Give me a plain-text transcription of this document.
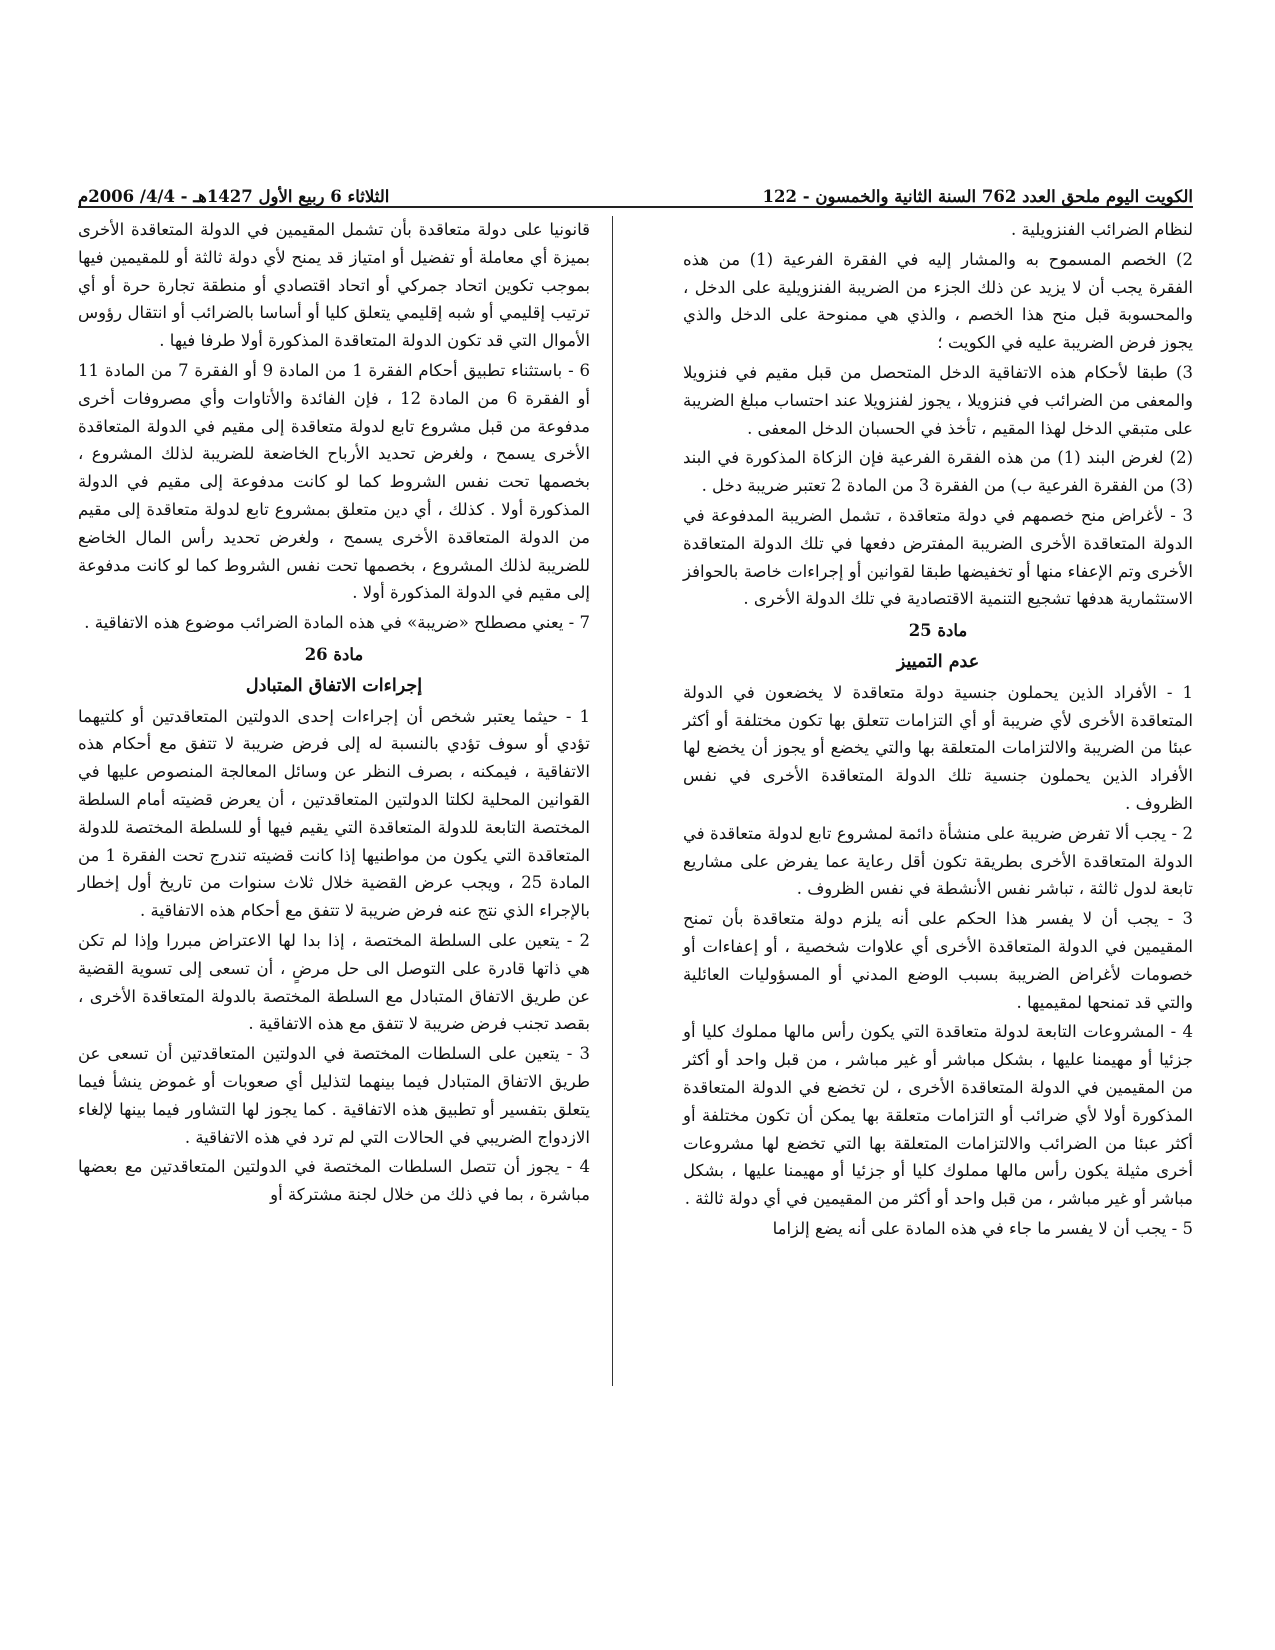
الكويت اليوم ملحق العدد 762 السنة الثانية والخمسون - 122
الثلاثاء 6 ربيع الأول 1427هـ - 4/4/ 2006م

لنظام الضرائب الفنزويلية .

2) الخصم المسموح به والمشار إليه في الفقرة الفرعية (1) من هذه الفقرة يجب أن لا يزيد عن ذلك الجزء من الضريبة الفنزويلية على الدخل ، والمحسوبة قبل منح هذا الخصم ، والذي هي ممنوحة على الدخل والذي يجوز فرض الضريبة عليه في الكويت ؛

3) طبقا لأحكام هذه الاتفاقية الدخل المتحصل من قبل مقيم في فنزويلا والمعفى من الضرائب في فنزويلا ، يجوز لفنزويلا عند احتساب مبلغ الضريبة على متبقي الدخل لهذا المقيم ، تأخذ في الحسبان الدخل المعفى .

(2) لغرض البند (1) من هذه الفقرة الفرعية فإن الزكاة المذكورة في البند (3) من الفقرة الفرعية ب) من الفقرة 3 من المادة 2 تعتبر ضريبة دخل .

3 - لأغراض منح خصمهم في دولة متعاقدة ، تشمل الضريبة المدفوعة في الدولة المتعاقدة الأخرى الضريبة المفترض دفعها في تلك الدولة المتعاقدة الأخرى وتم الإعفاء منها أو تخفيضها طبقا لقوانين أو إجراءات خاصة بالحوافز الاستثمارية هدفها تشجيع التنمية الاقتصادية في تلك الدولة الأخرى .

مادة 25
عدم التمييز

1 - الأفراد الذين يحملون جنسية دولة متعاقدة لا يخضعون في الدولة المتعاقدة الأخرى لأي ضريبة أو أي التزامات تتعلق بها تكون مختلفة أو أكثر عبئا من الضريبة والالتزامات المتعلقة بها والتي يخضع أو يجوز أن يخضع لها الأفراد الذين يحملون جنسية تلك الدولة المتعاقدة الأخرى في نفس الظروف .

2 - يجب ألا تفرض ضريبة على منشأة دائمة لمشروع تابع لدولة متعاقدة في الدولة المتعاقدة الأخرى بطريقة تكون أقل رعاية عما يفرض على مشاريع تابعة لدول ثالثة ، تباشر نفس الأنشطة في نفس الظروف .

3 - يجب أن لا يفسر هذا الحكم على أنه يلزم دولة متعاقدة بأن تمنح المقيمين في الدولة المتعاقدة الأخرى أي علاوات شخصية ، أو إعفاءات أو خصومات لأغراض الضريبة بسبب الوضع المدني أو المسؤوليات العائلية والتي قد تمنحها لمقيميها .

4 - المشروعات التابعة لدولة متعاقدة التي يكون رأس مالها مملوك كليا أو جزئيا أو مهيمنا عليها ، بشكل مباشر أو غير مباشر ، من قبل واحد أو أكثر من المقيمين في الدولة المتعاقدة الأخرى ، لن تخضع في الدولة المتعاقدة المذكورة أولا لأي ضرائب أو التزامات متعلقة بها يمكن أن تكون مختلفة أو أكثر عبئا من الضرائب والالتزامات المتعلقة بها التي تخضع لها مشروعات أخرى مثيلة يكون رأس مالها مملوك كليا أو جزئيا أو مهيمنا عليها ، بشكل مباشر أو غير مباشر ، من قبل واحد أو أكثر من المقيمين في أي دولة ثالثة .

5 - يجب أن لا يفسر ما جاء في هذه المادة على أنه يضع إلزاما

قانونيا على دولة متعاقدة بأن تشمل المقيمين في الدولة المتعاقدة الأخرى بميزة أي معاملة أو تفضيل أو امتياز قد يمنح لأي دولة ثالثة أو للمقيمين فيها بموجب تكوين اتحاد جمركي أو اتحاد اقتصادي أو منطقة تجارة حرة أو أي ترتيب إقليمي أو شبه إقليمي يتعلق كليا أو أساسا بالضرائب أو انتقال رؤوس الأموال التي قد تكون الدولة المتعاقدة المذكورة أولا طرفا فيها .

6 - باستثناء تطبيق أحكام الفقرة 1 من المادة 9 أو الفقرة 7 من المادة 11 أو الفقرة 6 من المادة 12 ، فإن الفائدة والأتاوات وأي مصروفات أخرى مدفوعة من قبل مشروع تابع لدولة متعاقدة إلى مقيم في الدولة المتعاقدة الأخرى يسمح ، ولغرض تحديد الأرباح الخاضعة للضريبة لذلك المشروع ، بخصمها تحت نفس الشروط كما لو كانت مدفوعة إلى مقيم في الدولة المذكورة أولا . كذلك ، أي دين متعلق بمشروع تابع لدولة متعاقدة إلى مقيم من الدولة المتعاقدة الأخرى يسمح ، ولغرض تحديد رأس المال الخاضع للضريبة لذلك المشروع ، بخصمها تحت نفس الشروط كما لو كانت مدفوعة إلى مقيم في الدولة المذكورة أولا .

7 - يعني مصطلح «ضريبة» في هذه المادة الضرائب موضوع هذه الاتفاقية .

مادة 26
إجراءات الاتفاق المتبادل

1 - حيثما يعتبر شخص أن إجراءات إحدى الدولتين المتعاقدتين أو كلتيهما تؤدي أو سوف تؤدي بالنسبة له إلى فرض ضريبة لا تتفق مع أحكام هذه الاتفاقية ، فيمكنه ، بصرف النظر عن وسائل المعالجة المنصوص عليها في القوانين المحلية لكلتا الدولتين المتعاقدتين ، أن يعرض قضيته أمام السلطة المختصة التابعة للدولة المتعاقدة التي يقيم فيها أو للسلطة المختصة للدولة المتعاقدة التي يكون من مواطنيها إذا كانت قضيته تندرج تحت الفقرة 1 من المادة 25 ، ويجب عرض القضية خلال ثلاث سنوات من تاريخ أول إخطار بالإجراء الذي نتج عنه فرض ضريبة لا تتفق مع أحكام هذه الاتفاقية .

2 - يتعين على السلطة المختصة ، إذا بدا لها الاعتراض مبررا وإذا لم تكن هي ذاتها قادرة على التوصل الى حل مرضٍ ، أن تسعى إلى تسوية القضية عن طريق الاتفاق المتبادل مع السلطة المختصة بالدولة المتعاقدة الأخرى ، بقصد تجنب فرض ضريبة لا تتفق مع هذه الاتفاقية .

3 - يتعين على السلطات المختصة في الدولتين المتعاقدتين أن تسعى عن طريق الاتفاق المتبادل فيما بينهما لتذليل أي صعوبات أو غموض ينشأ فيما يتعلق بتفسير أو تطبيق هذه الاتفاقية . كما يجوز لها التشاور فيما بينها لإلغاء الازدواج الضريبي في الحالات التي لم ترد في هذه الاتفاقية .

4 - يجوز أن تتصل السلطات المختصة في الدولتين المتعاقدتين مع بعضها مباشرة ، بما في ذلك من خلال لجنة مشتركة أو
